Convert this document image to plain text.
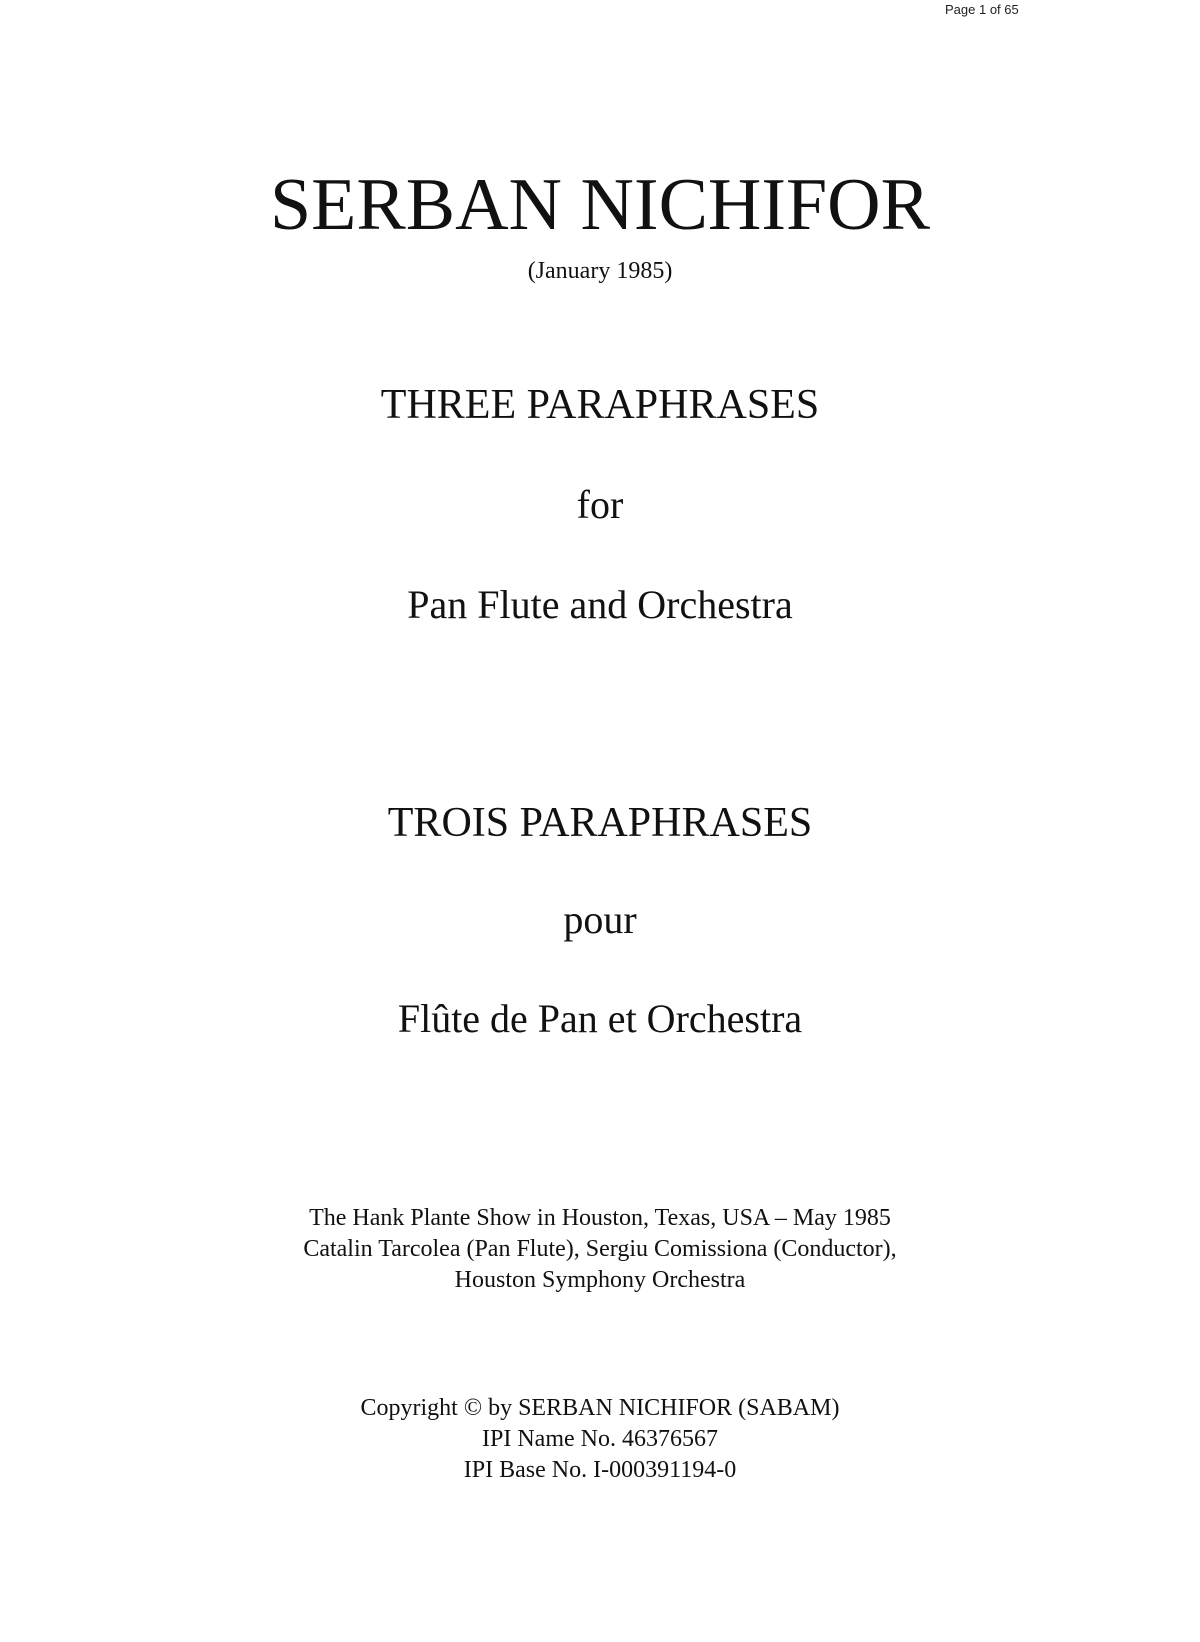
Page 1 of 65
SERBAN NICHIFOR
(January 1985)
THREE PARAPHRASES
for
Pan Flute and Orchestra
TROIS PARAPHRASES
pour
Flûte de Pan et Orchestra
The Hank Plante Show in Houston, Texas, USA – May 1985
Catalin Tarcolea (Pan Flute), Sergiu Comissiona (Conductor),
Houston Symphony Orchestra
Copyright © by SERBAN NICHIFOR (SABAM)
IPI Name No. 46376567
IPI Base No. I-000391194-0
